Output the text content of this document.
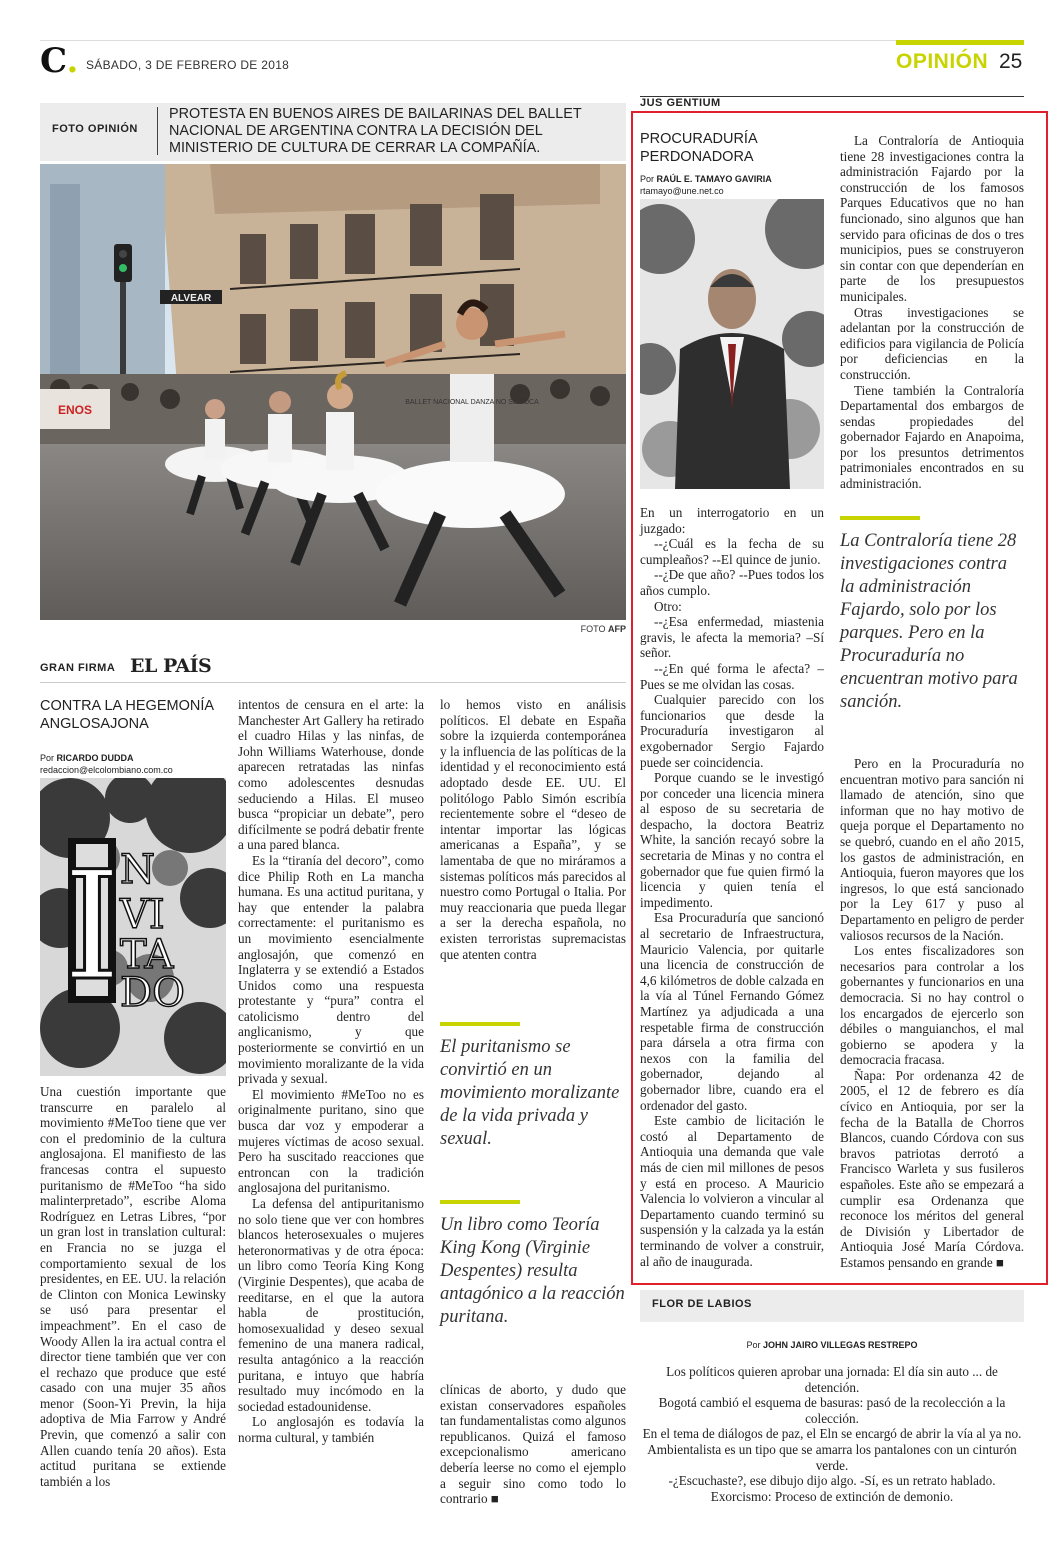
C. SÁBADO, 3 DE FEBRERO DE 2018	OPINIÓN 25
FOTO OPINIÓN
PROTESTA EN BUENOS AIRES DE BAILARINAS DEL BALLET NACIONAL DE ARGENTINA CONTRA LA DECISIÓN DEL MINISTERIO DE CULTURA DE CERRAR LA COMPAÑÍA.
ALVEAR
ENOS
BALLET NACIONAL DANZA NO SE TOCA
FOTO AFP
GRAN FIRMA EL PAÍS
CONTRA LA HEGEMONÍA ANGLOSAJONA
Por RICARDO DUDDA
redaccion@elcolombiano.com.co
I
N
VI
TA
DO

Una cuestión importante que transcurre en paralelo al movimiento #MeToo tiene que ver con el predominio de la cultura anglosajona. El manifiesto de las francesas contra el supuesto puritanismo de #MeToo “ha sido malinterpretado”, escribe Aloma Rodríguez en Letras Libres, “por un gran lost in translation cultural: en Francia no se juzga el comportamiento sexual de los presidentes, en EE. UU. la relación de Clinton con Monica Lewinsky se usó para presentar el impeachment”. En el caso de Woody Allen la ira actual contra el director tiene también que ver con el rechazo que produce que esté casado con una mujer 35 años menor (Soon-Yi Previn, la hija adoptiva de Mia Farrow y André Previn, que comenzó a salir con Allen cuando tenía 20 años). Esta actitud puritana se extiende también a los

intentos de censura en el arte: la Manchester Art Gallery ha retirado el cuadro Hilas y las ninfas, de John Williams Waterhouse, donde aparecen retratadas las ninfas como adolescentes desnudas seduciendo a Hilas. El museo busca “propiciar un debate”, pero difícilmente se podrá debatir frente a una pared blanca.

Es la “tiranía del decoro”, como dice Philip Roth en La mancha humana. Es una actitud puritana, y hay que entender la palabra correctamente: el puritanismo es un movimiento esencialmente anglosajón, que comenzó en Inglaterra y se extendió a Estados Unidos como una respuesta protestante y “pura” contra el catolicismo dentro del anglicanismo, y que posteriormente se convirtió en un movimiento moralizante de la vida privada y sexual.

El movimiento #MeToo no es originalmente puritano, sino que busca dar voz y empoderar a mujeres víctimas de acoso sexual. Pero ha suscitado reacciones que entroncan con la tradición anglosajona del puritanismo.

La defensa del antipuritanismo no solo tiene que ver con hombres blancos heterosexuales o mujeres heteronormativas y de otra época: un libro como Teoría King Kong (Virginie Despentes), que acaba de reeditarse, en el que la autora habla de prostitución, homosexualidad y deseo sexual femenino de una manera radical, resulta antagónico a la reacción puritana, e intuyo que habría resultado muy incómodo en la sociedad estadounidense.

Lo anglosajón es todavía la norma cultural, y también

lo hemos visto en análisis políticos. El debate en España sobre la izquierda contemporánea y la influencia de las políticas de la identidad y el reconocimiento está adoptado desde EE. UU. El politólogo Pablo Simón escribía recientemente sobre el “deseo de intentar importar las lógicas americanas a España”, y se lamentaba de que no miráramos a sistemas políticos más parecidos al nuestro como Portugal o Italia. Por muy reaccionaria que pueda llegar a ser la derecha española, no existen terroristas supremacistas que atenten contra

El puritanismo se convirtió en un movimiento moralizante de la vida privada y sexual.
Un libro como Teoría King Kong (Virginie Despentes) resulta antagónico a la reacción puritana.

clínicas de aborto, y dudo que existan conservadores españoles tan fundamentalistas como algunos republicanos. Quizá el famoso excepcionalismo americano debería leerse no como el ejemplo a seguir sino como todo lo contrario ■

JUS GENTIUM
PROCURADURÍA PERDONADORA
Por RAÚL E. TAMAYO GAVIRIA
rtamayo@une.net.co

En un interrogatorio en un juzgado:

--¿Cuál es la fecha de su cumpleaños? --El quince de junio.

--¿De que año? --Pues todos los años cumplo.

Otro:

--¿Esa enfermedad, miastenia gravis, le afecta la memoria? –Sí señor.

--¿En qué forma le afecta? –Pues se me olvidan las cosas.

Cualquier parecido con los funcionarios que desde la Procuraduría investigaron al exgobernador Sergio Fajardo puede ser coincidencia.

Porque cuando se le investigó por conceder una licencia minera al esposo de su secretaria de despacho, la doctora Beatriz White, la sanción recayó sobre la secretaria de Minas y no contra el gobernador que fue quien firmó la licencia y quien tenía el impedimento.

Esa Procuraduría que sancionó al secretario de Infraestructura, Mauricio Valencia, por quitarle una licencia de construcción de 4,6 kilómetros de doble calzada en la vía al Túnel Fernando Gómez Martínez ya adjudicada a una respetable firma de construcción para dársela a otra firma con nexos con la familia del gobernador, dejando al gobernador libre, cuando era el ordenador del gasto.

Este cambio de licitación le costó al Departamento de Antioquia una demanda que vale más de cien mil millones de pesos y está en proceso. A Mauricio Valencia lo volvieron a vincular al Departamento cuando terminó su suspensión y la calzada ya la están terminando de volver a construir, al año de inaugurada.

La Contraloría de Antioquia tiene 28 investigaciones contra la administración Fajardo por la construcción de los famosos Parques Educativos que no han funcionado, sino algunos que han servido para oficinas de dos o tres municipios, pues se construyeron sin contar con que dependerían en parte de los presupuestos municipales.

Otras investigaciones se adelantan por la construcción de edificios para vigilancia de Policía por deficiencias en la construcción.

Tiene también la Contraloría Departamental dos embargos de sendas propiedades del gobernador Fajardo en Anapoima, por los presuntos detrimentos patrimoniales encontrados en su administración.

La Contraloría tiene 28 investigaciones contra la administración Fajardo, solo por los parques. Pero en la Procuraduría no encuentran motivo para sanción.

Pero en la Procuraduría no encuentran motivo para sanción ni llamado de atención, sino que informan que no hay motivo de queja porque el Departamento no se quebró, cuando en el año 2015, los gastos de administración, en Antioquia, fueron mayores que los ingresos, lo que está sancionado por la Ley 617 y puso al Departamento en peligro de perder valiosos recursos de la Nación.

Los entes fiscalizadores son necesarios para controlar a los gobernantes y funcionarios en una democracia. Si no hay control o los encargados de ejercerlo son débiles o manguianchos, el mal gobierno se apodera y la democracia fracasa.

Ñapa: Por ordenanza 42 de 2005, el 12 de febrero es día cívico en Antioquia, por ser la fecha de la Batalla de Chorros Blancos, cuando Córdova con sus bravos patriotas derrotó a Francisco Warleta y sus fusileros españoles. Este año se empezará a cumplir esa Ordenanza que reconoce los méritos del general de División y Libertador de Antioquia José María Córdova. Estamos pensando en grande ■

FLOR DE LABIOS
Por JOHN JAIRO VILLEGAS RESTREPO

Los políticos quieren aprobar una jornada: El día sin auto ... de detención.

Bogotá cambió el esquema de basuras: pasó de la recolección a la colección.

En el tema de diálogos de paz, el Eln se encargó de abrir la vía al ya no.

Ambientalista es un tipo que se amarra los pantalones con un cinturón verde.

-¿Escuchaste?, ese dibujo dijo algo. -Sí, es un retrato hablado.

Exorcismo: Proceso de extinción de demonio.
